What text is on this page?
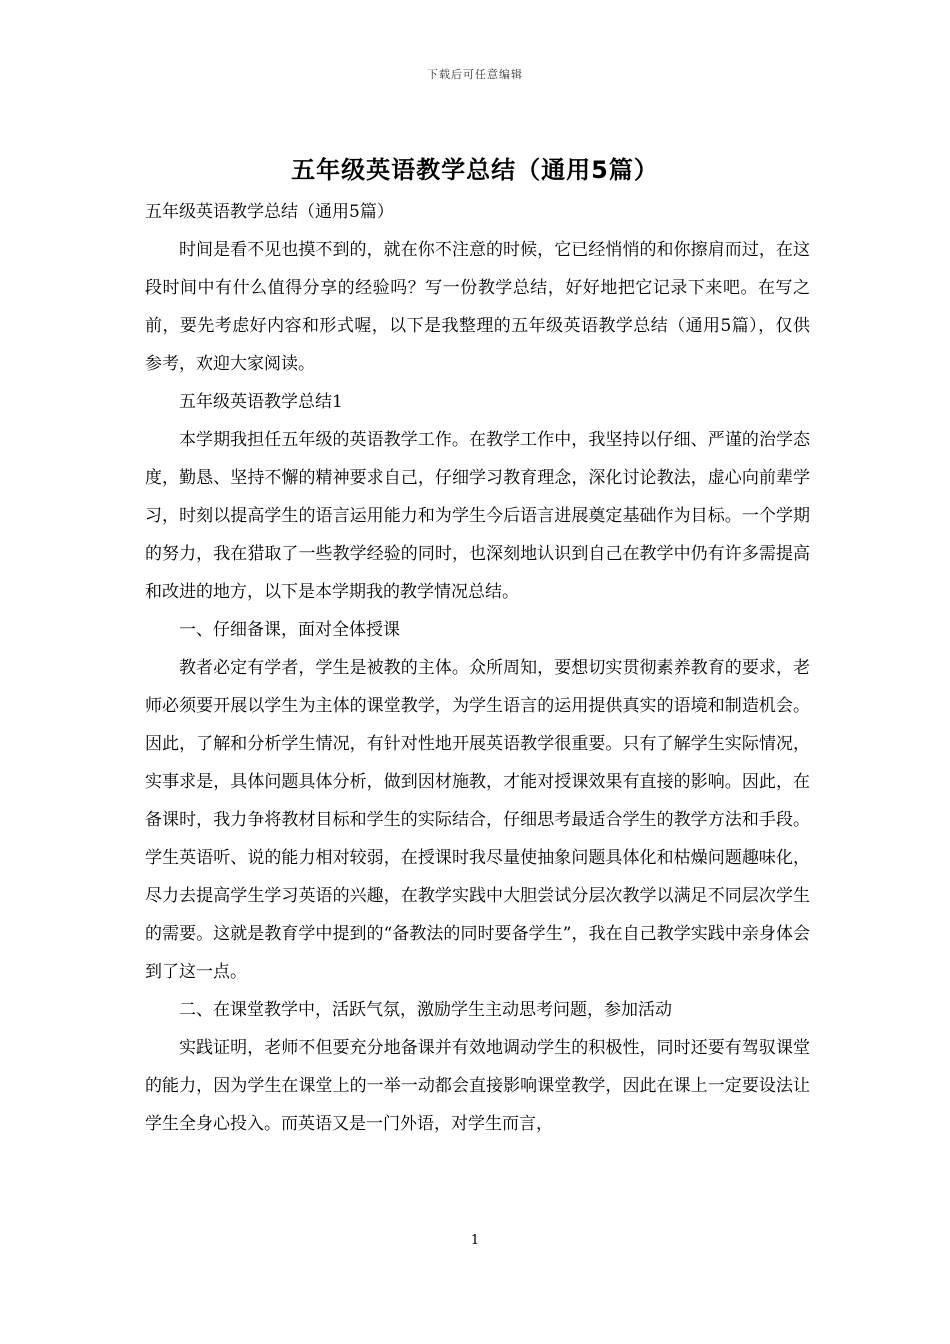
下载后可任意编辑
五年级英语教学总结（通用5篇）

五年级英语教学总结（通用5篇）

时间是看不见也摸不到的，就在你不注意的时候，它已经悄悄的和你擦肩而过，在这段时间中有什么值得分享的经验吗？写一份教学总结，好好地把它记录下来吧。在写之前，要先考虑好内容和形式喔，以下是我整理的五年级英语教学总结（通用5篇），仅供参考，欢迎大家阅读。

五年级英语教学总结1

本学期我担任五年级的英语教学工作。在教学工作中，我坚持以仔细、严谨的治学态度，勤恳、坚持不懈的精神要求自己，仔细学习教育理念，深化讨论教法，虚心向前辈学习，时刻以提高学生的语言运用能力和为学生今后语言进展奠定基础作为目标。一个学期的努力，我在猎取了一些教学经验的同时，也深刻地认识到自己在教学中仍有许多需提高和改进的地方，以下是本学期我的教学情况总结。

一、仔细备课，面对全体授课

教者必定有学者，学生是被教的主体。众所周知，要想切实贯彻素养教育的要求，老师必须要开展以学生为主体的课堂教学，为学生语言的运用提供真实的语境和制造机会。因此，了解和分析学生情况，有针对性地开展英语教学很重要。只有了解学生实际情况，实事求是，具体问题具体分析，做到因材施教，才能对授课效果有直接的影响。因此，在备课时，我力争将教材目标和学生的实际结合，仔细思考最适合学生的教学方法和手段。学生英语听、说的能力相对较弱，在授课时我尽量使抽象问题具体化和枯燥问题趣味化，尽力去提高学生学习英语的兴趣，在教学实践中大胆尝试分层次教学以满足不同层次学生的需要。这就是教育学中提到的“备教法的同时要备学生”，我在自己教学实践中亲身体会到了这一点。

二、在课堂教学中，活跃气氛，激励学生主动思考问题，参加活动

实践证明，老师不但要充分地备课并有效地调动学生的积极性，同时还要有驾驭课堂的能力，因为学生在课堂上的一举一动都会直接影响课堂教学，因此在课上一定要设法让学生全身心投入。而英语又是一门外语，对学生而言，

1
